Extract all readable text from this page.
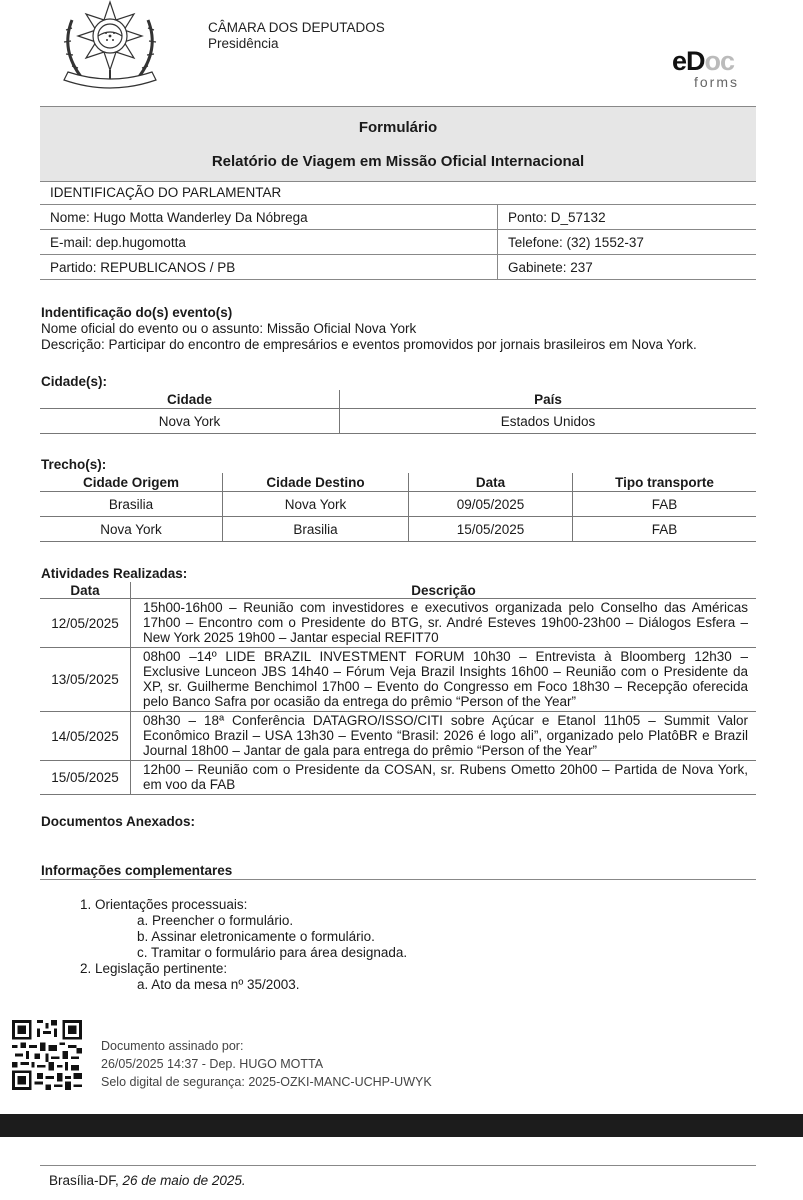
CÂMARA DOS DEPUTADOS
Presidência
eDoc
forms
Formulário
Relatório de Viagem em Missão Oficial Internacional
IDENTIFICAÇÃO DO PARLAMENTAR	
Nome: Hugo Motta Wanderley Da Nóbrega	Ponto: D_57132
E-mail: dep.hugomotta	Telefone: (32) 1552-37
Partido: REPUBLICANOS / PB	Gabinete: 237
Indentificação do(s) evento(s)
Nome oficial do evento ou o assunto: Missão Oficial Nova York
Descrição: Participar do encontro de empresários e eventos promovidos por jornais brasileiros em Nova York.
Cidade(s):
Cidade	País
Nova York	Estados Unidos
Trecho(s):
Cidade Origem	Cidade Destino	Data	Tipo transporte
Brasilia	Nova York	09/05/2025	FAB
Nova York	Brasilia	15/05/2025	FAB
Atividades Realizadas:
Data	Descrição
12/05/2025	15h00-16h00 – Reunião com investidores e executivos organizada pelo Conselho das Américas 17h00 – Encontro com o Presidente do BTG, sr. André Esteves 19h00-23h00 – Diálogos Esfera – New York 2025 19h00 – Jantar especial REFIT70
13/05/2025	08h00 –14º LIDE BRAZIL INVESTMENT FORUM 10h30 – Entrevista à Bloomberg 12h30 – Exclusive Lunceon JBS 14h40 – Fórum Veja Brazil Insights 16h00 – Reunião com o Presidente da XP, sr. Guilherme Benchimol 17h00 – Evento do Congresso em Foco 18h30 – Recepção oferecida pelo Banco Safra por ocasião da entrega do prêmio “Person of the Year”
14/05/2025	08h30 – 18ª Conferência DATAGRO/ISSO/CITI sobre Açúcar e Etanol 11h05 – Summit Valor Econômico Brazil – USA 13h30 – Evento “Brasil: 2026 é logo ali”, organizado pelo PlatôBR e Brazil Journal 18h00 – Jantar de gala para entrega do prêmio “Person of the Year”
15/05/2025	12h00 – Reunião com o Presidente da COSAN, sr. Rubens Ometto 20h00 – Partida de Nova York, em voo da FAB
Documentos Anexados:
Informações complementares
1. Orientações processuais:
a. Preencher o formulário.
b. Assinar eletronicamente o formulário.
c. Tramitar o formulário para área designada.
2. Legislação pertinente:
a. Ato da mesa nº 35/2003.
Documento assinado por:
26/05/2025 14:37 - Dep. HUGO MOTTA
Selo digital de segurança: 2025-OZKI-MANC-UCHP-UWYK
Brasília-DF, 26 de maio de 2025.
